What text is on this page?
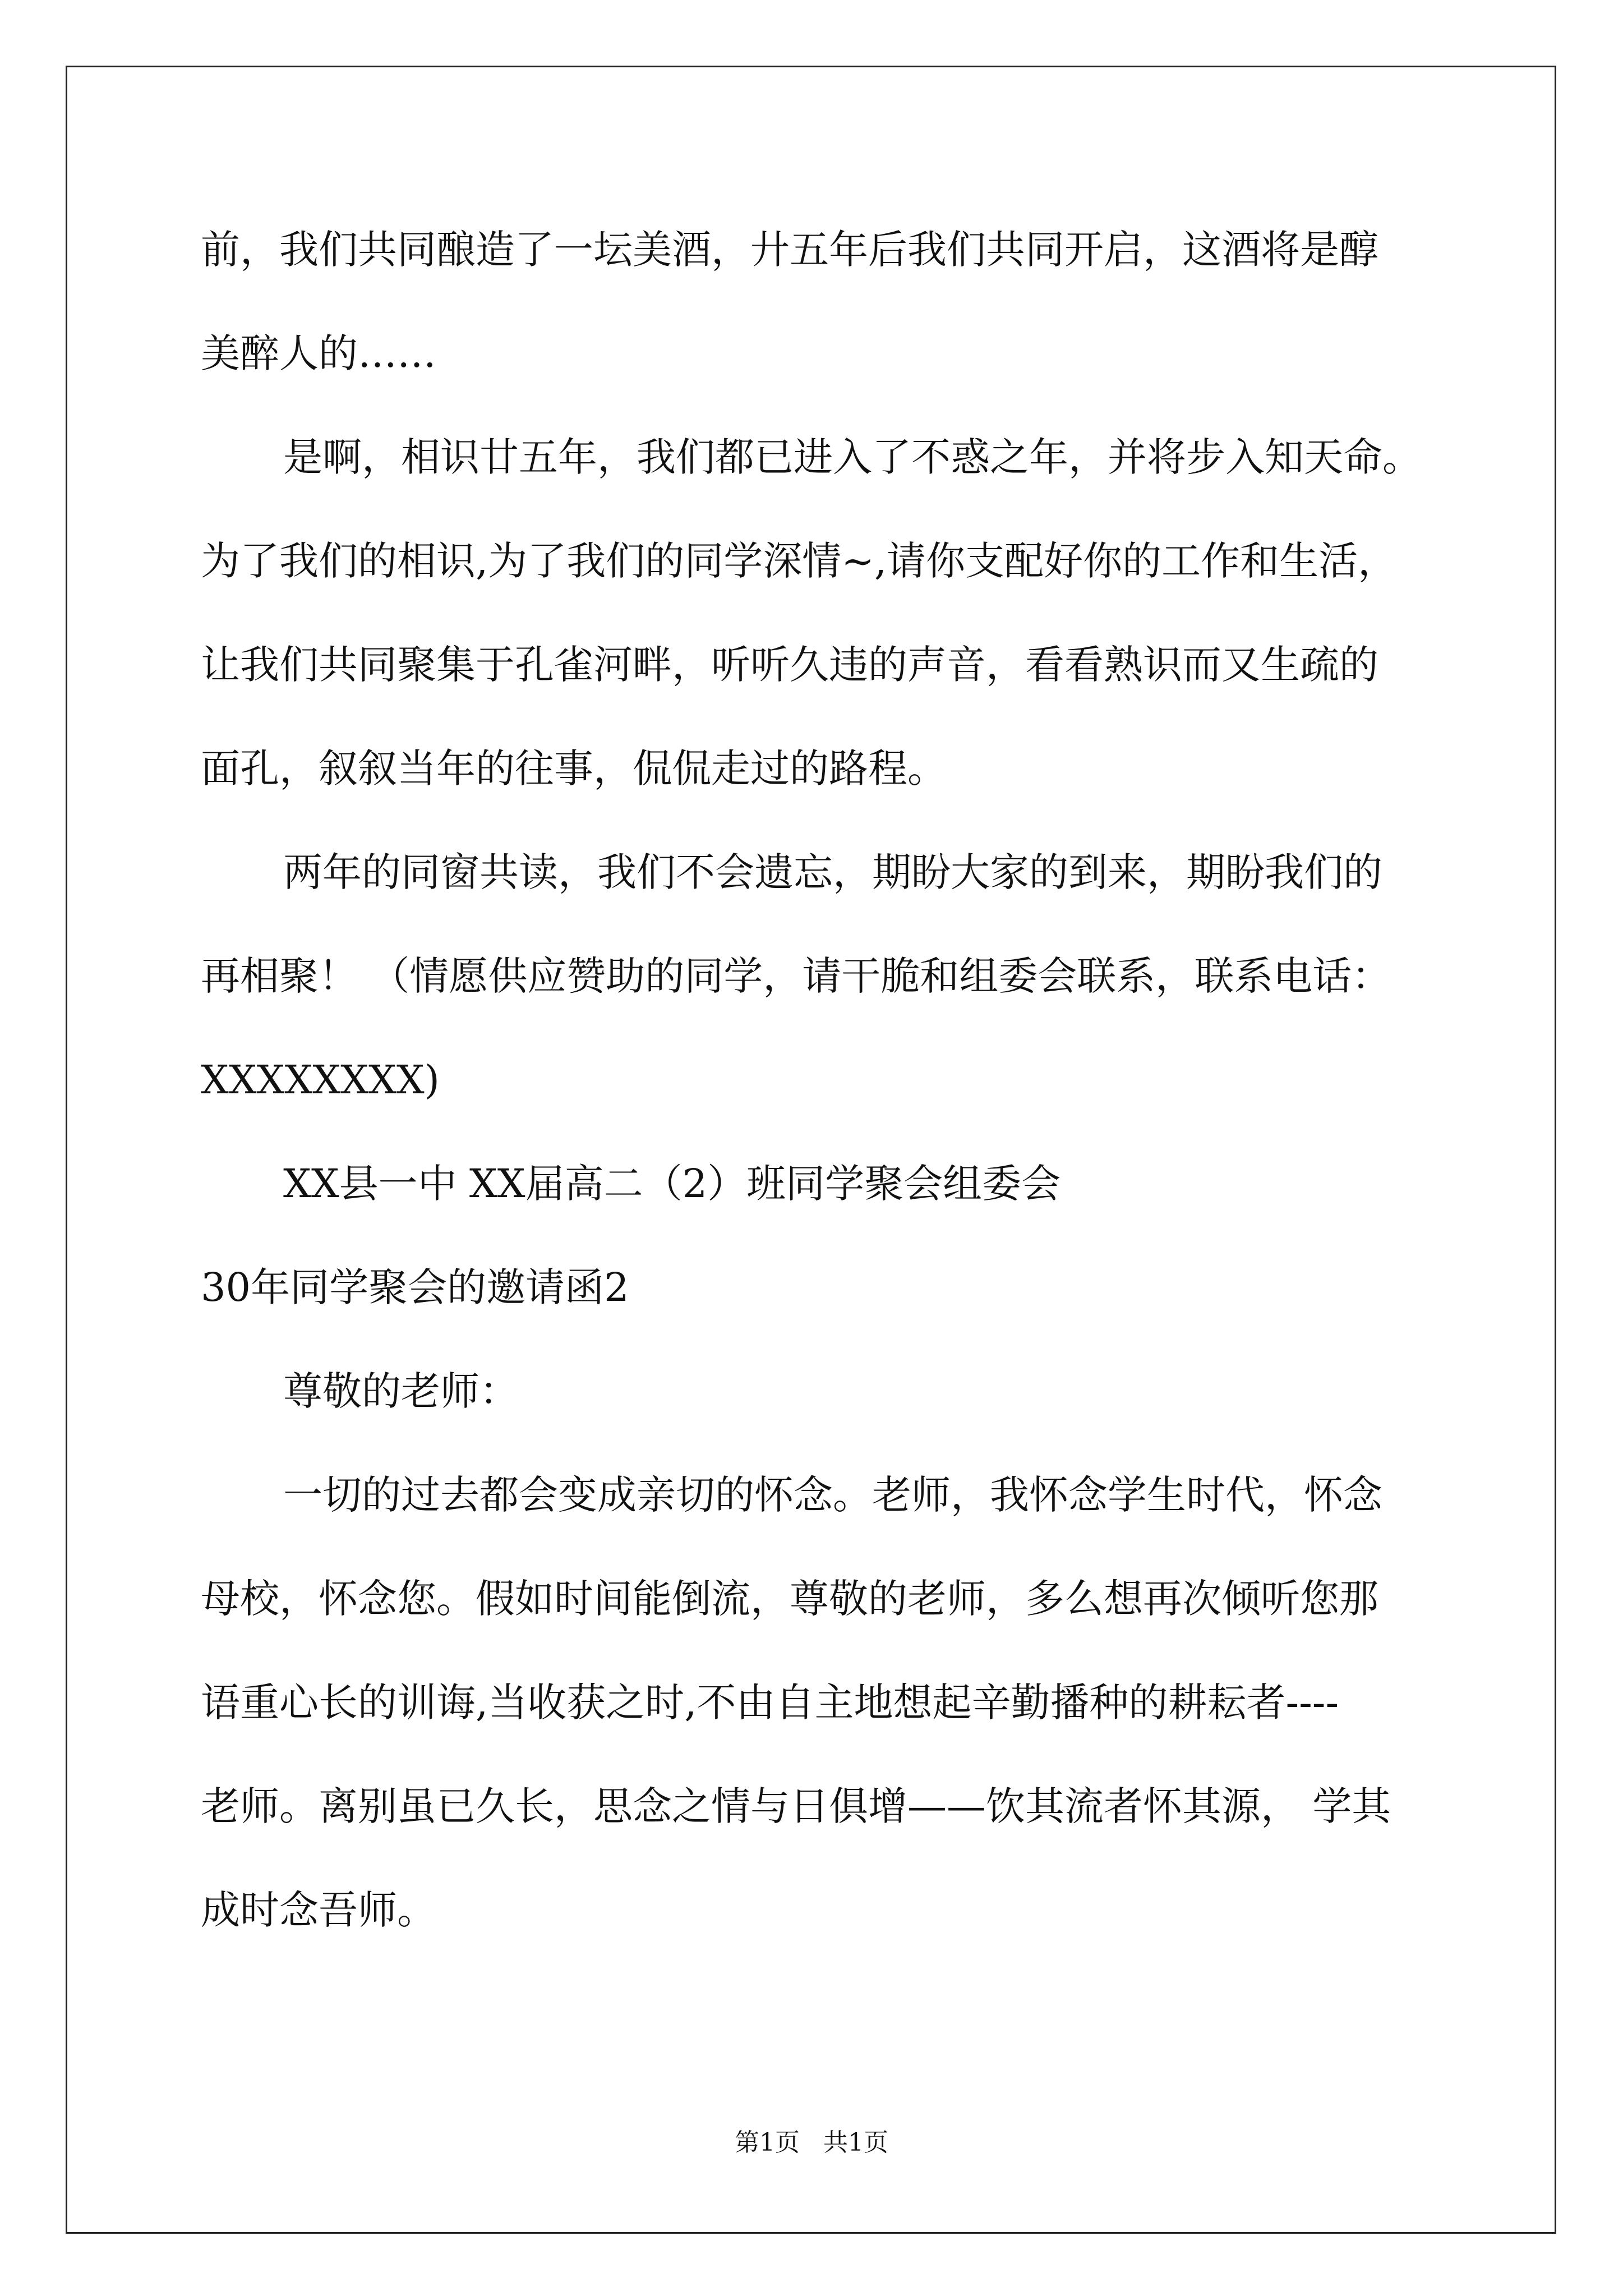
前，我们共同酿造了一坛美酒，廾五年后我们共同开启，这酒将是醇
美醉人的……
是啊，相识廿五年，我们都已进入了不惑之年，并将步入知天命。
为了我们的相识,为了我们的同学深情~,请你支配好你的工作和生活，
让我们共同聚集于孔雀河畔，听听久违的声音，看看熟识而又生疏的
面孔，叙叙当年的往事，侃侃走过的路程。
两年的同窗共读，我们不会遗忘，期盼大家的到来，期盼我们的
再相聚！ （情愿供应赞助的同学，请干脆和组委会联系，联系电话：
XXXXXXXX)
XX县一中 XX届高二（2）班同学聚会组委会
30年同学聚会的邀请函2
尊敬的老师：
一切的过去都会变成亲切的怀念。老师，我怀念学生时代，怀念
母校，怀念您。假如时间能倒流，尊敬的老师，多么想再次倾听您那
语重心长的训诲,当收获之时,不由自主地想起辛勤播种的耕耘者----
老师。离别虽已久长，思念之情与日俱增——饮其流者怀其源， 学其
成时念吾师。
第1页   共1页
